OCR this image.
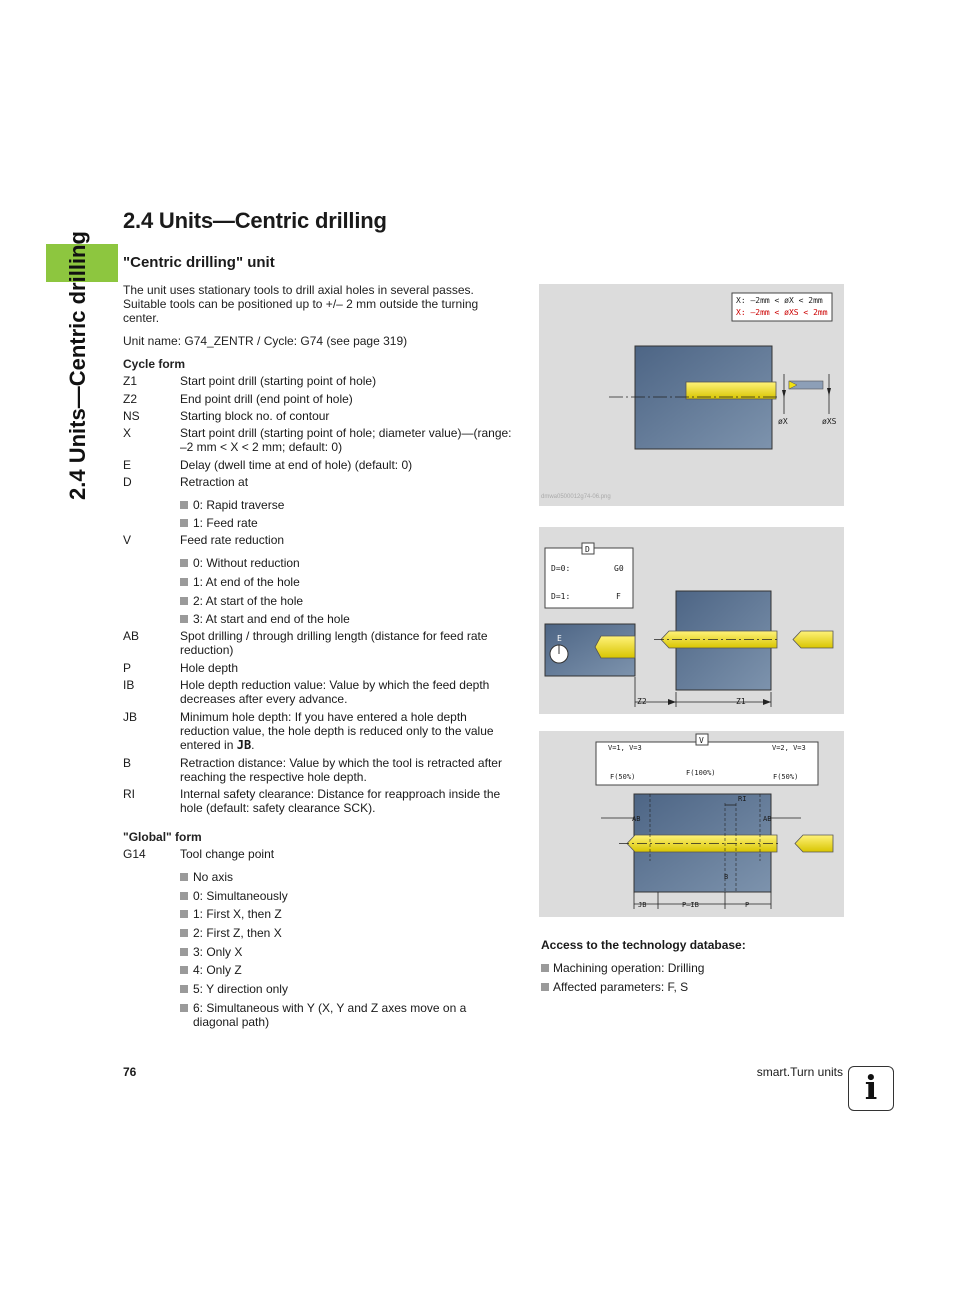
2.4 Units—Centric drilling
2.4 Units—Centric drilling
"Centric drilling" unit
The unit uses stationary tools to drill axial holes in several passes. Suitable tools can be positioned up to +/– 2 mm outside the turning center.
Unit name: G74_ZENTR / Cycle: G74 (see page 319)
Cycle form
Z1	Start point drill (starting point of hole)
Z2	End point drill (end point of hole)
NS	Starting block no. of contour
X	Start point drill (starting point of hole; diameter value)—(range: –2 mm < X < 2 mm; default: 0)
E	Delay (dwell time at end of hole) (default: 0)
D	Retraction at
0: Rapid traverse
1: Feed rate
V	Feed rate reduction
0: Without reduction
1: At end of the hole
2: At start of the hole
3: At start and end of the hole
AB	Spot drilling / through drilling length (distance for feed rate reduction)
P	Hole depth
IB	Hole depth reduction value: Value by which the feed depth decreases after every advance.
JB	Minimum hole depth: If you have entered a hole depth reduction value, the hole depth is reduced only to the value entered in JB.
B	Retraction distance: Value by which the tool is retracted after reaching the respective hole depth.
RI	Internal safety clearance: Distance for reapproach inside the hole (default: safety clearance SCK).
"Global" form
G14	Tool change point
No axis
0: Simultaneously
1: First X, then Z
2: First Z, then X
3: Only X
4: Only Z
5: Y direction only
6: Simultaneous with Y (X, Y and Z axes move on a diagonal path)
X: –2mm < øX < 2mm
X: –2mm < øXS < 2mm
øX	øXS
dmwa0500012g74-06.png
D
D=0:	G0
D=1:	F
E
Z2	Z1
V
V=1, V=3	V=2, V=3
F(50%)	F(100%)	F(50%)
RI
AB	AB
B
JB	P–IB	P
Access to the technology database:
Machining operation: Drilling
Affected parameters: F, S
76	smart.Turn units i
